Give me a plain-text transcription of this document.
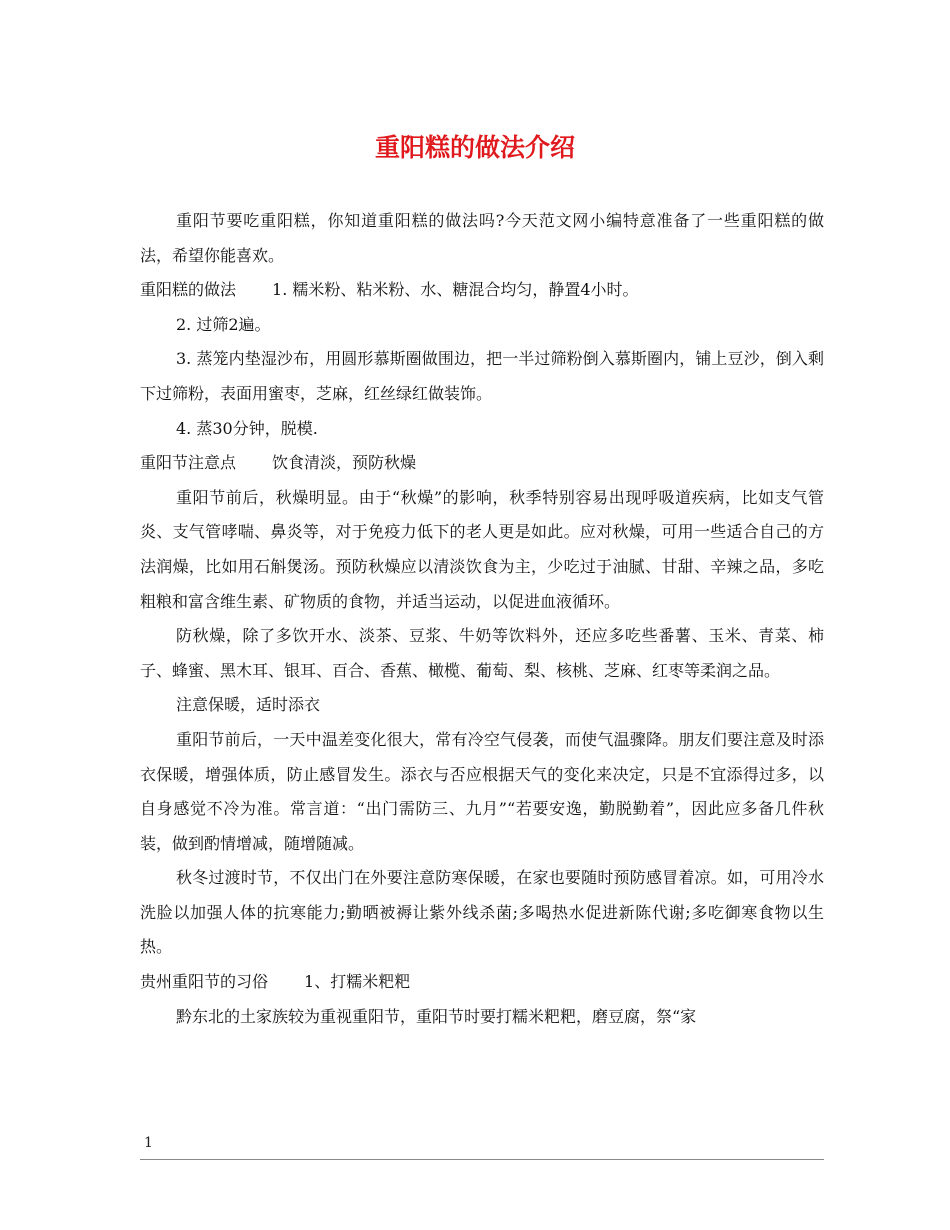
重阳糕的做法介绍

重阳节要吃重阳糕，你知道重阳糕的做法吗?今天范文网小编特意准备了一些重阳糕的做法，希望你能喜欢。

重阳糕的做法 1. 糯米粉、粘米粉、水、糖混合均匀，静置4小时。

2. 过筛2遍。

3. 蒸笼内垫湿沙布，用圆形慕斯圈做围边，把一半过筛粉倒入慕斯圈内，铺上豆沙，倒入剩下过筛粉，表面用蜜枣，芝麻，红丝绿红做装饰。

4. 蒸30分钟，脱模.

重阳节注意点 饮食清淡，预防秋燥

重阳节前后，秋燥明显。由于“秋燥”的影响，秋季特别容易出现呼吸道疾病，比如支气管炎、支气管哮喘、鼻炎等，对于免疫力低下的老人更是如此。应对秋燥，可用一些适合自己的方法润燥，比如用石斛煲汤。预防秋燥应以清淡饮食为主，少吃过于油腻、甘甜、辛辣之品，多吃粗粮和富含维生素、矿物质的食物，并适当运动，以促进血液循环。

防秋燥，除了多饮开水、淡茶、豆浆、牛奶等饮料外，还应多吃些番薯、玉米、青菜、柿子、蜂蜜、黑木耳、银耳、百合、香蕉、橄榄、葡萄、梨、核桃、芝麻、红枣等柔润之品。

注意保暖，适时添衣

重阳节前后，一天中温差变化很大，常有冷空气侵袭，而使气温骤降。朋友们要注意及时添衣保暖，增强体质，防止感冒发生。添衣与否应根据天气的变化来决定，只是不宜添得过多，以自身感觉不冷为准。常言道：“出门需防三、九月”“若要安逸，勤脱勤着”，因此应多备几件秋装，做到酌情增减，随增随减。

秋冬过渡时节，不仅出门在外要注意防寒保暖，在家也要随时预防感冒着凉。如，可用冷水洗脸以加强人体的抗寒能力;勤晒被褥让紫外线杀菌;多喝热水促进新陈代谢;多吃御寒食物以生热。

贵州重阳节的习俗 1、打糯米粑粑

黔东北的土家族较为重视重阳节，重阳节时要打糯米粑粑，磨豆腐，祭“家

1
